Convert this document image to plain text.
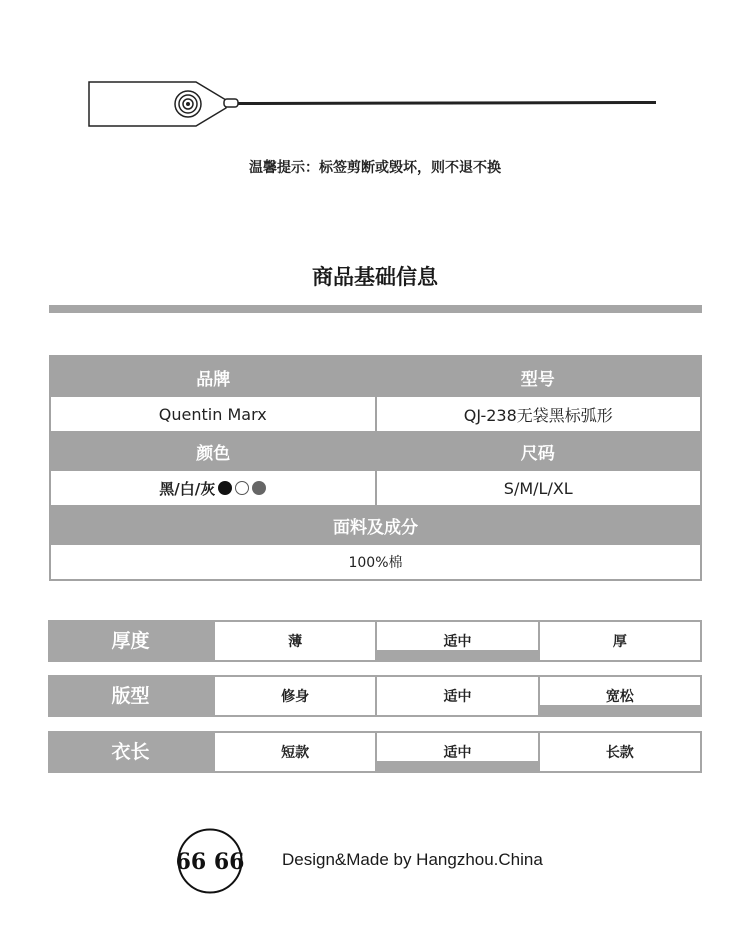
温馨提示：标签剪断或毁坏，则不退不换
商品基础信息
品牌	型号
Quentin Marx	QJ-238无袋黑标弧形
颜色	尺码
黑/白/灰	S/M/L/XL
面料及成分
100%棉
厚度	薄	适中	厚
版型	修身	适中	宽松
衣长	短款	适中	长款
66 66 Design&Made by Hangzhou.China
